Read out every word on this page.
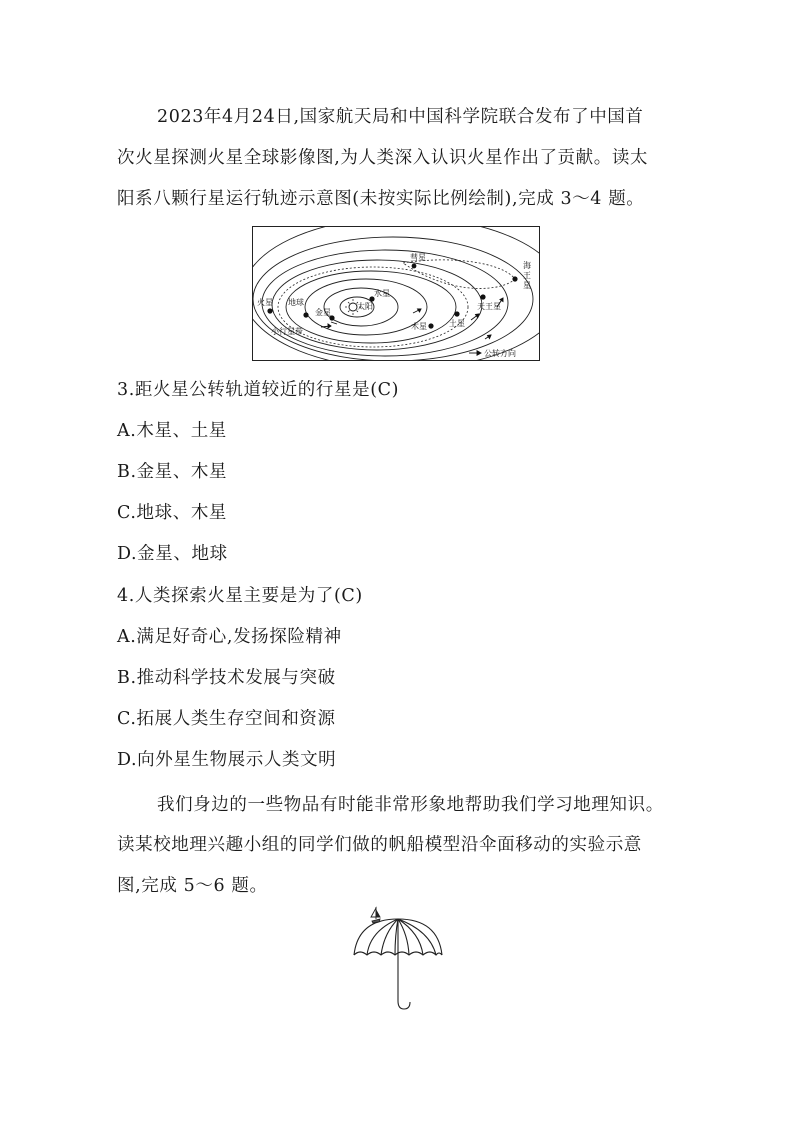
2023年4月24日,国家航天局和中国科学院联合发布了中国首
次火星探测火星全球影像图,为人类深入认识火星作出了贡献。读太
阳系八颗行星运行轨迹示意图(未按实际比例绘制),完成 3～4 题。
彗星
海
王
星
天王星
土星
木星
火星 地球
金星
水星
太阳
小行星带
公转方向
3.距火星公转轨道较近的行星是(C)
A.木星、土星
B.金星、木星
C.地球、木星
D.金星、地球
4.人类探索火星主要是为了(C)
A.满足好奇心,发扬探险精神
B.推动科学技术发展与突破
C.拓展人类生存空间和资源
D.向外星生物展示人类文明
我们身边的一些物品有时能非常形象地帮助我们学习地理知识。
读某校地理兴趣小组的同学们做的帆船模型沿伞面移动的实验示意
图,完成 5～6 题。
